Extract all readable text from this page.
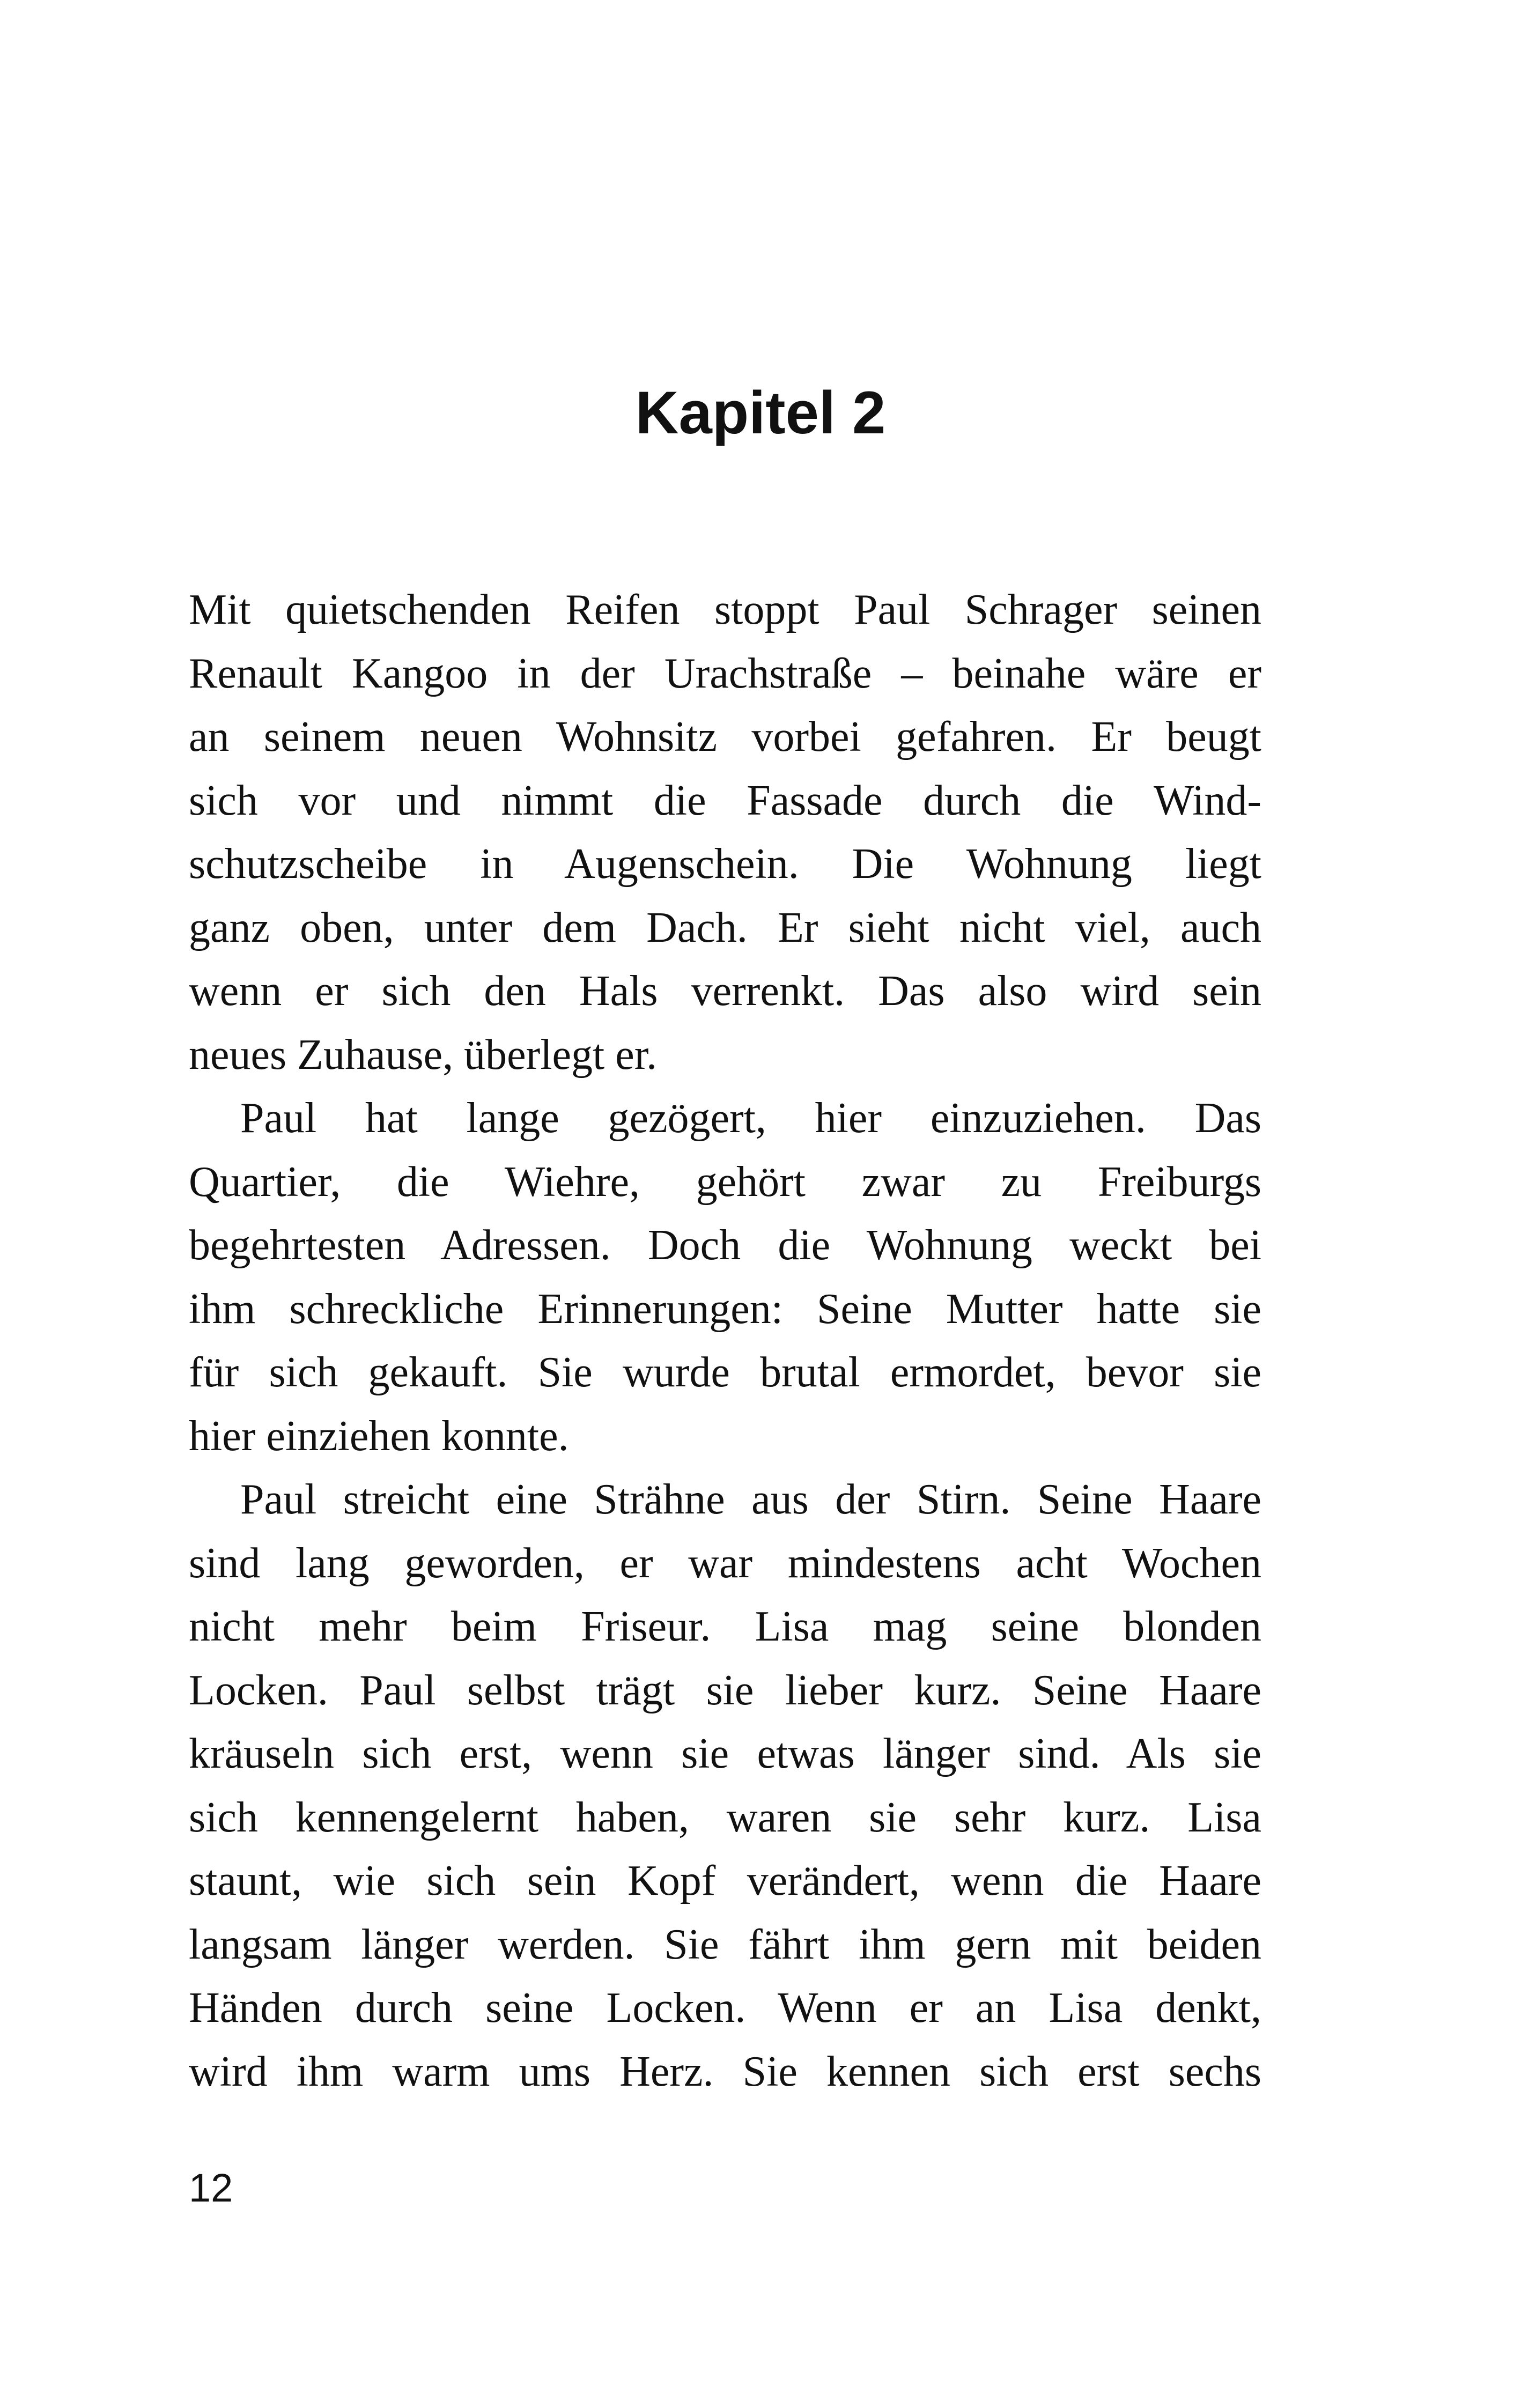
Kapitel 2

Mit quietschenden Reifen stoppt Paul Schrager seinen
Renault Kangoo in der Urachstraße – beinahe wäre er
an seinem neuen Wohnsitz vorbei gefahren. Er beugt
sich vor und nimmt die Fassade durch die Wind-
schutzscheibe in Augenschein. Die Wohnung liegt
ganz oben, unter dem Dach. Er sieht nicht viel, auch
wenn er sich den Hals verrenkt. Das also wird sein
neues Zuhause, überlegt er.

Paul hat lange gezögert, hier einzuziehen. Das
Quartier, die Wiehre, gehört zwar zu Freiburgs
begehrtesten Adressen. Doch die Wohnung weckt bei
ihm schreckliche Erinnerungen: Seine Mutter hatte sie
für sich gekauft. Sie wurde brutal ermordet, bevor sie
hier einziehen konnte.

Paul streicht eine Strähne aus der Stirn. Seine Haare
sind lang geworden, er war mindestens acht Wochen
nicht mehr beim Friseur. Lisa mag seine blonden
Locken. Paul selbst trägt sie lieber kurz. Seine Haare
kräuseln sich erst, wenn sie etwas länger sind. Als sie
sich kennengelernt haben, waren sie sehr kurz. Lisa
staunt, wie sich sein Kopf verändert, wenn die Haare
langsam länger werden. Sie fährt ihm gern mit beiden
Händen durch seine Locken. Wenn er an Lisa denkt,
wird ihm warm ums Herz. Sie kennen sich erst sechs

12
